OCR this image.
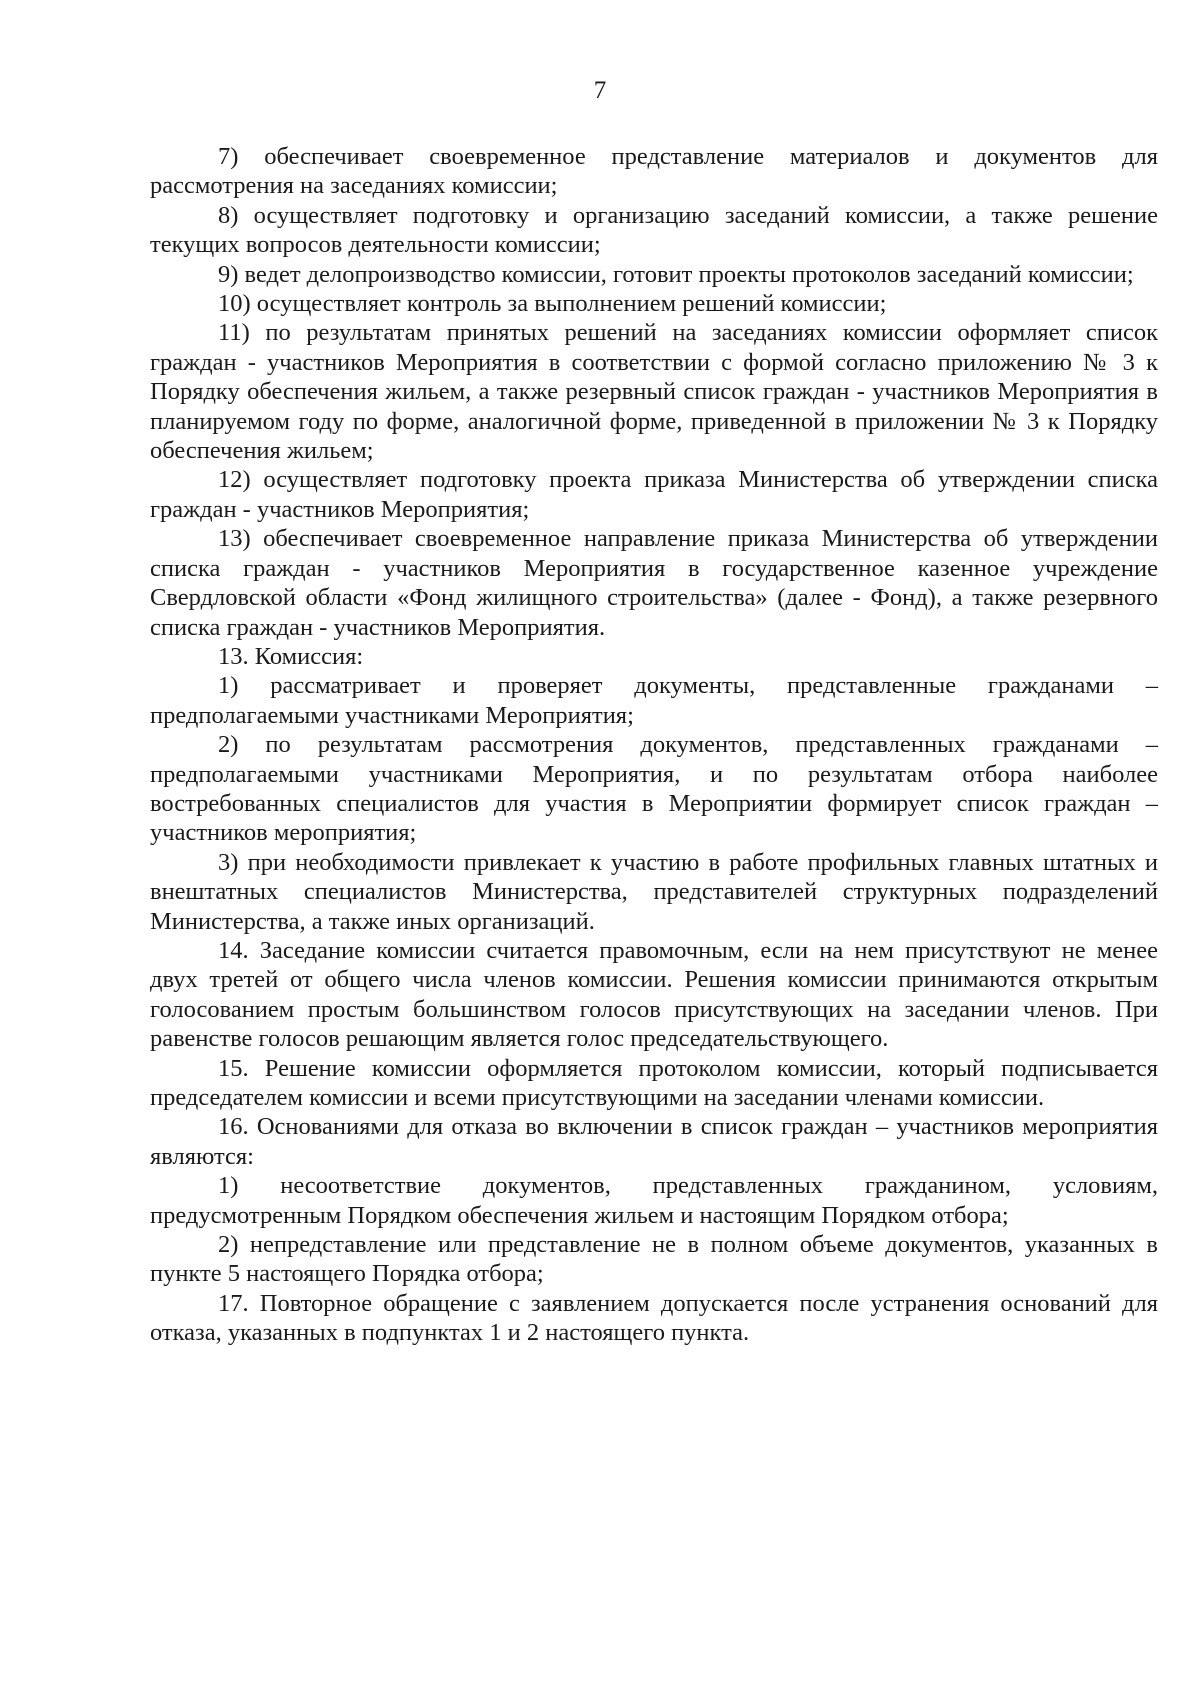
7

7) обеспечивает своевременное представление материалов и документов для рассмотрения на заседаниях комиссии;

8) осуществляет подготовку и организацию заседаний комиссии, а также решение текущих вопросов деятельности комиссии;

9) ведет делопроизводство комиссии, готовит проекты протоколов заседаний комиссии;

10) осуществляет контроль за выполнением решений комиссии;

11) по результатам принятых решений на заседаниях комиссии оформляет список граждан - участников Мероприятия в соответствии с формой согласно приложению № 3 к Порядку обеспечения жильем, а также резервный список граждан - участников Мероприятия в планируемом году по форме, аналогичной форме, приведенной в приложении № 3 к Порядку обеспечения жильем;

12) осуществляет подготовку проекта приказа Министерства об утверждении списка граждан - участников Мероприятия;

13) обеспечивает своевременное направление приказа Министерства об утверждении списка граждан - участников Мероприятия в государственное казенное учреждение Свердловской области «Фонд жилищного строительства» (далее - Фонд), а также резервного списка граждан - участников Мероприятия.

13. Комиссия:

1) рассматривает и проверяет документы, представленные гражданами – предполагаемыми участниками Мероприятия;

2) по результатам рассмотрения документов, представленных гражданами – предполагаемыми участниками Мероприятия, и по результатам отбора наиболее востребованных специалистов для участия в Мероприятии формирует список граждан – участников мероприятия;

3) при необходимости привлекает к участию в работе профильных главных штатных и внештатных специалистов Министерства, представителей структурных подразделений Министерства, а также иных организаций.

14. Заседание комиссии считается правомочным, если на нем присутствуют не менее двух третей от общего числа членов комиссии. Решения комиссии принимаются открытым голосованием простым большинством голосов присутствующих на заседании членов. При равенстве голосов решающим является голос председательствующего.

15. Решение комиссии оформляется протоколом комиссии, который подписывается председателем комиссии и всеми присутствующими на заседании членами комиссии.

16. Основаниями для отказа во включении в список граждан – участников мероприятия являются:

1) несоответствие документов, представленных гражданином, условиям, предусмотренным Порядком обеспечения жильем и настоящим Порядком отбора;

2) непредставление или представление не в полном объеме документов, указанных в пункте 5 настоящего Порядка отбора;

17. Повторное обращение с заявлением допускается после устранения оснований для отказа, указанных в подпунктах 1 и 2 настоящего пункта.
